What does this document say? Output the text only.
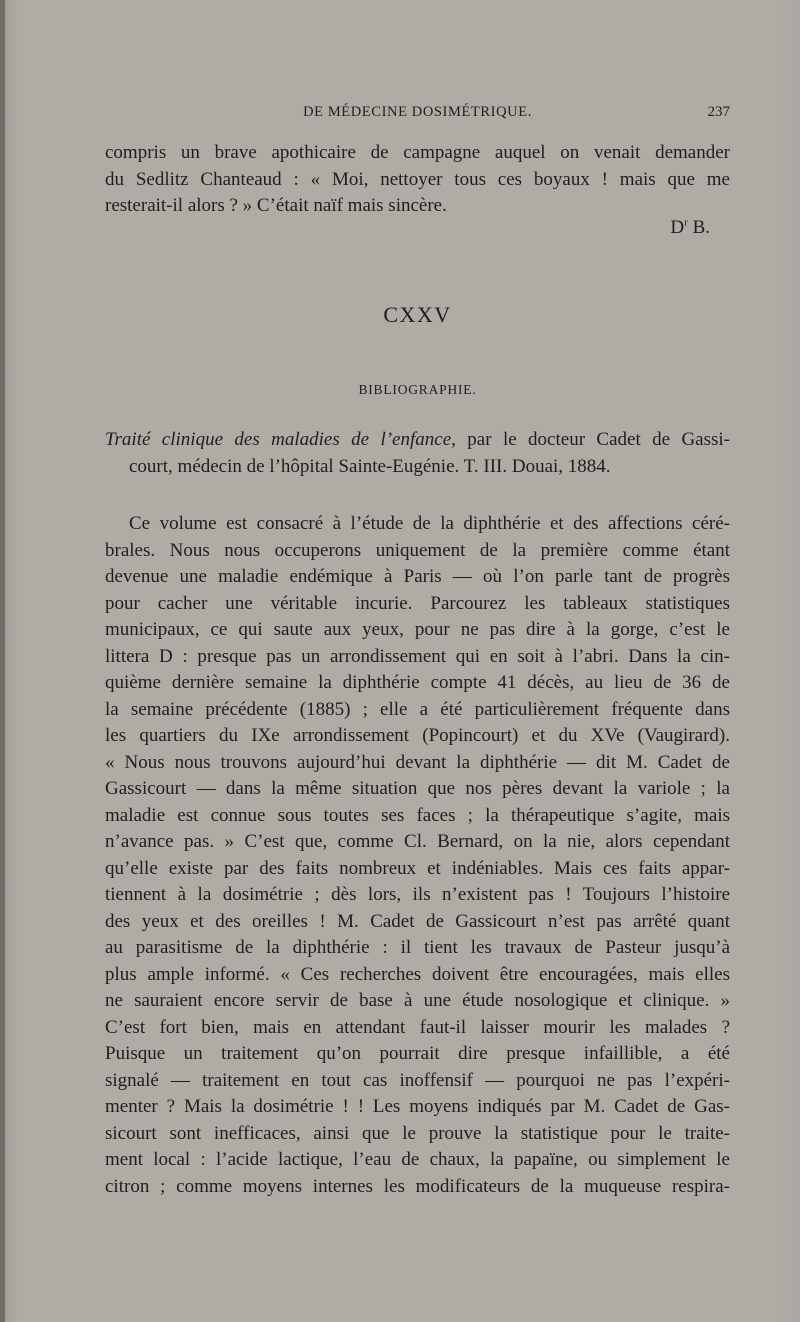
DE MÉDECINE DOSIMÉTRIQUE.	237
compris un brave apothicaire de campagne auquel on venait demander
du Sedlitz Chanteaud : « Moi, nettoyer tous ces boyaux ! mais que me
resterait-il alors ? » C’était naïf mais sincère.
$D^r$ B.
CXXV
BIBLIOGRAPHIE.
Traité clinique des maladies de l’enfance, par le docteur Cadet de Gassi-
court, médecin de l’hôpital Sainte-Eugénie. T. III. Douai, 1884.
Ce volume est consacré à l’étude de la diphthérie et des affections céré-
brales. Nous nous occuperons uniquement de la première comme étant
devenue une maladie endémique à Paris — où l’on parle tant de progrès
pour cacher une véritable incurie. Parcourez les tableaux statistiques
municipaux, ce qui saute aux yeux, pour ne pas dire à la gorge, c’est le
littera D : presque pas un arrondissement qui en soit à l’abri. Dans la cin-
quième dernière semaine la diphthérie compte 41 décès, au lieu de 36 de
la semaine précédente (1885) ; elle a été particulièrement fréquente dans
les quartiers du IXe arrondissement (Popincourt) et du XVe (Vaugirard).
« Nous nous trouvons aujourd’hui devant la diphthérie — dit M. Cadet de
Gassicourt — dans la même situation que nos pères devant la variole ; la
maladie est connue sous toutes ses faces ; la thérapeutique s’agite, mais
n’avance pas. » C’est que, comme Cl. Bernard, on la nie, alors cependant
qu’elle existe par des faits nombreux et indéniables. Mais ces faits appar-
tiennent à la dosimétrie ; dès lors, ils n’existent pas ! Toujours l’histoire
des yeux et des oreilles ! M. Cadet de Gassicourt n’est pas arrêté quant
au parasitisme de la diphthérie : il tient les travaux de Pasteur jusqu’à
plus ample informé. « Ces recherches doivent être encouragées, mais elles
ne sauraient encore servir de base à une étude nosologique et clinique. »
C’est fort bien, mais en attendant faut-il laisser mourir les malades ?
Puisque un traitement qu’on pourrait dire presque infaillible, a été
signalé — traitement en tout cas inoffensif — pourquoi ne pas l’expéri-
menter ? Mais la dosimétrie ! ! Les moyens indiqués par M. Cadet de Gas-
sicourt sont inefficaces, ainsi que le prouve la statistique pour le traite-
ment local : l’acide lactique, l’eau de chaux, la papaïne, ou simplement le
citron ; comme moyens internes les modificateurs de la muqueuse respira-
